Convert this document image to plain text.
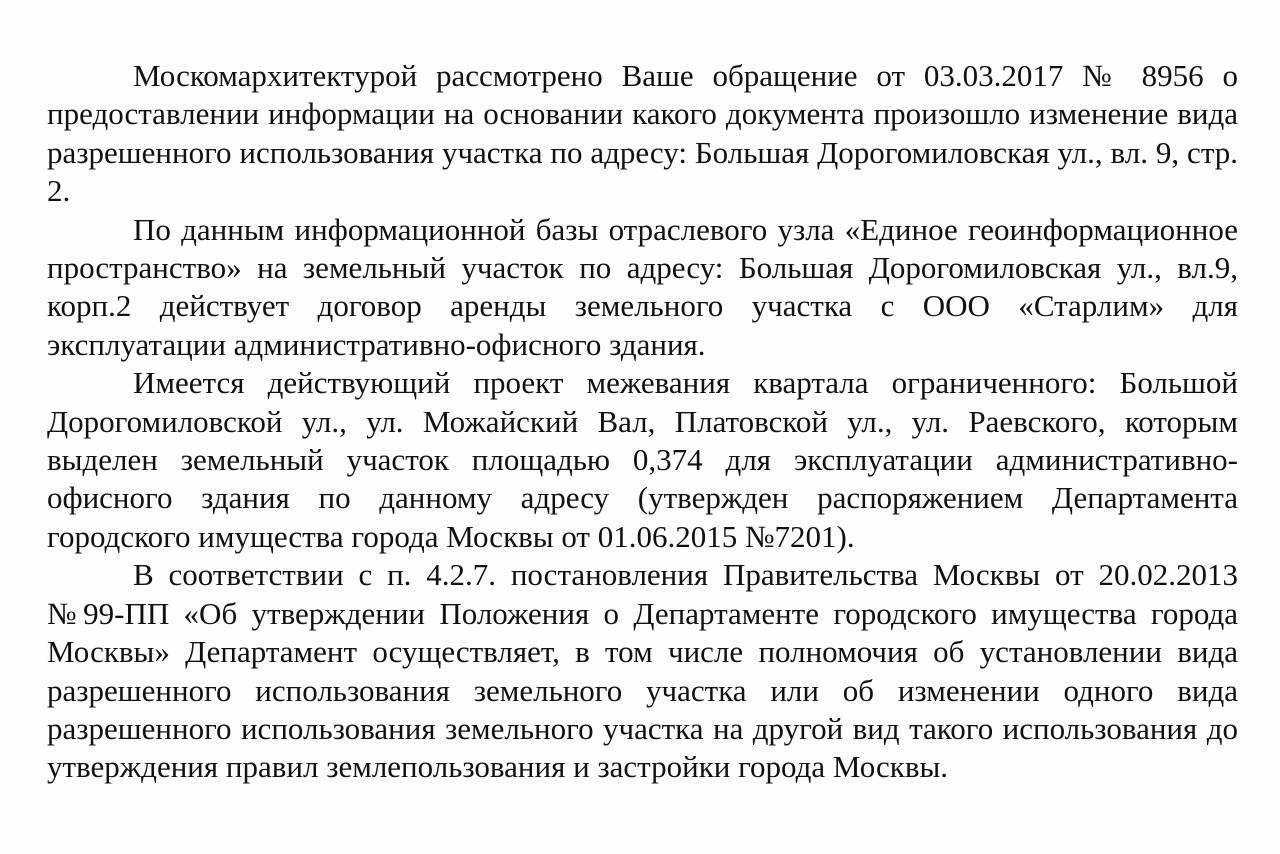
Москомархитектурой рассмотрено Ваше обращение от 03.03.2017 № 8956 о предоставлении информации на основании какого документа произошло изменение вида разрешенного использования участка по адресу: Большая Дорогомиловская ул., вл. 9, стр. 2.

По данным информационной базы отраслевого узла «Единое геоинформационное пространство» на земельный участок по адресу: Большая Дорогомиловская ул., вл.9, корп.2 действует договор аренды земельного участка с ООО «Старлим» для эксплуатации административно-офисного здания.

Имеется действующий проект межевания квартала ограниченного: Большой Дорогомиловской ул., ул. Можайский Вал, Платовской ул., ул. Раевского, которым выделен земельный участок площадью 0,374 для эксплуатации административно-офисного здания по данному адресу (утвержден распоряжением Департамента городского имущества города Москвы от 01.06.2015 №7201).

В соответствии с п. 4.2.7. постановления Правительства Москвы от 20.02.2013 №99-ПП «Об утверждении Положения о Департаменте городского имущества города Москвы» Департамент осуществляет, в том числе полномочия об установлении вида разрешенного использования земельного участка или об изменении одного вида разрешенного использования земельного участка на другой вид такого использования до утверждения правил землепользования и застройки города Москвы.
